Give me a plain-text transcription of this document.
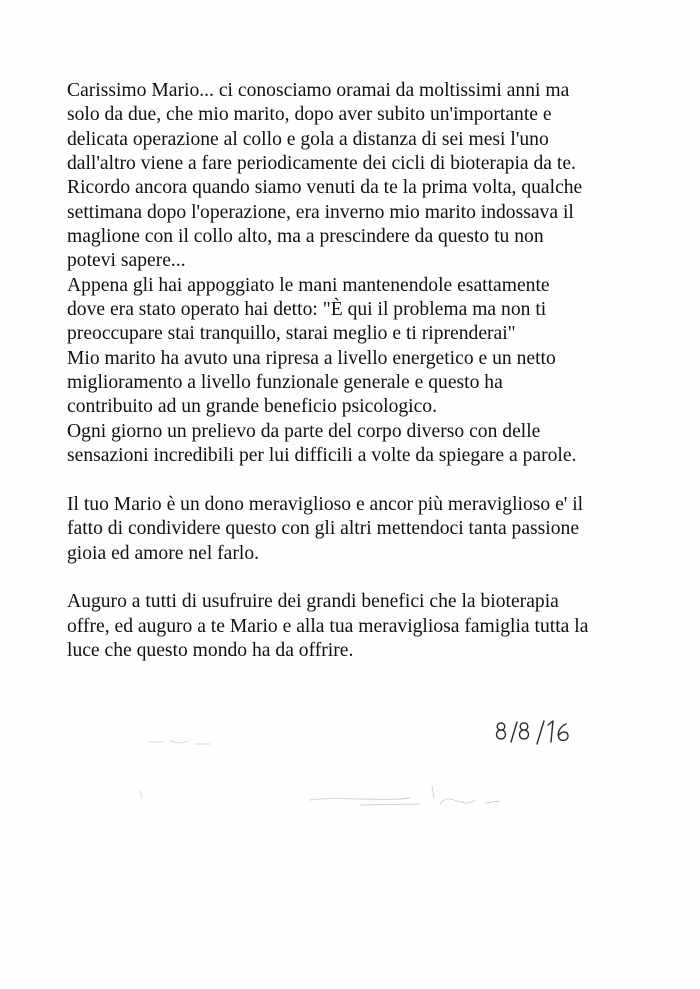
Carissimo Mario... ci conosciamo oramai da moltissimi anni ma
solo da due, che mio marito, dopo aver subito un'importante e
delicata operazione al collo e gola a distanza di sei mesi l'uno
dall'altro viene a fare periodicamente dei cicli di bioterapia da te.
Ricordo ancora quando siamo venuti da te la prima volta, qualche
settimana dopo l'operazione, era inverno mio marito indossava il
maglione con il collo alto, ma a prescindere da questo tu non
potevi sapere...
Appena gli hai appoggiato le mani mantenendole esattamente
dove era stato operato hai detto: "È qui il problema ma non ti
preoccupare stai tranquillo, starai meglio e ti riprenderai"
Mio marito ha avuto una ripresa a livello energetico e un netto
miglioramento a livello funzionale generale e questo ha
contribuito ad un grande beneficio psicologico.
Ogni giorno un prelievo da parte del corpo diverso con delle
sensazioni incredibili per lui difficili a volte da spiegare a parole.
Il tuo Mario è un dono meraviglioso e ancor più meraviglioso e' il
fatto di condividere questo con gli altri mettendoci tanta passione
gioia ed amore nel farlo.
Auguro a tutti di usufruire dei grandi benefici che la bioterapia
offre, ed auguro a te Mario e alla tua meravigliosa famiglia tutta la
luce che questo mondo ha da offrire.
